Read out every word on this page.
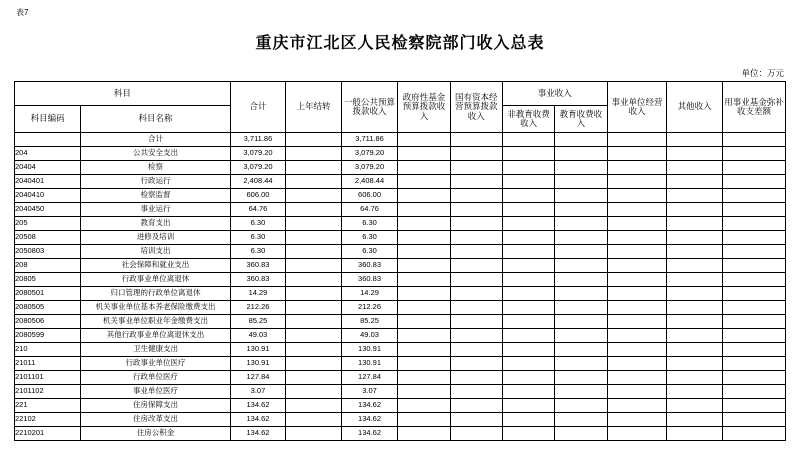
表7
重庆市江北区人民检察院部门收入总表
单位：万元
科目		合计	上年结转	一般公共预算拨款收入	政府性基金预算拨款收入	国有资本经营预算拨款收入	事业收入		事业单位经营收入	其他收入	用事业基金弥补收支差额
科目编码	科目名称						非教育收费收入	教育收费收入			
	合计	3,711.86		3,711.86							
204	公共安全支出	3,079.20		3,079.20							
20404	检察	3,079.20		3,079.20							
2040401	行政运行	2,408.44		2,408.44							
2040410	检察监督	606.00		606.00							
2040450	事业运行	64.76		64.76							
205	教育支出	6.30		6.30							
20508	进修及培训	6.30		6.30							
2050803	培训支出	6.30		6.30							
208	社会保障和就业支出	360.83		360.83							
20805	行政事业单位离退休	360.83		360.83							
2080501	归口管理的行政单位离退休	14.29		14.29							
2080505	机关事业单位基本养老保险缴费支出	212.26		212.26							
2080506	机关事业单位职业年金缴费支出	85.25		85.25							
2080599	其他行政事业单位离退休支出	49.03		49.03							
210	卫生健康支出	130.91		130.91							
21011	行政事业单位医疗	130.91		130.91							
2101101	行政单位医疗	127.84		127.84							
2101102	事业单位医疗	3.07		3.07							
221	住房保障支出	134.62		134.62							
22102	住房改革支出	134.62		134.62							
2210201	住房公积金	134.62		134.62							
